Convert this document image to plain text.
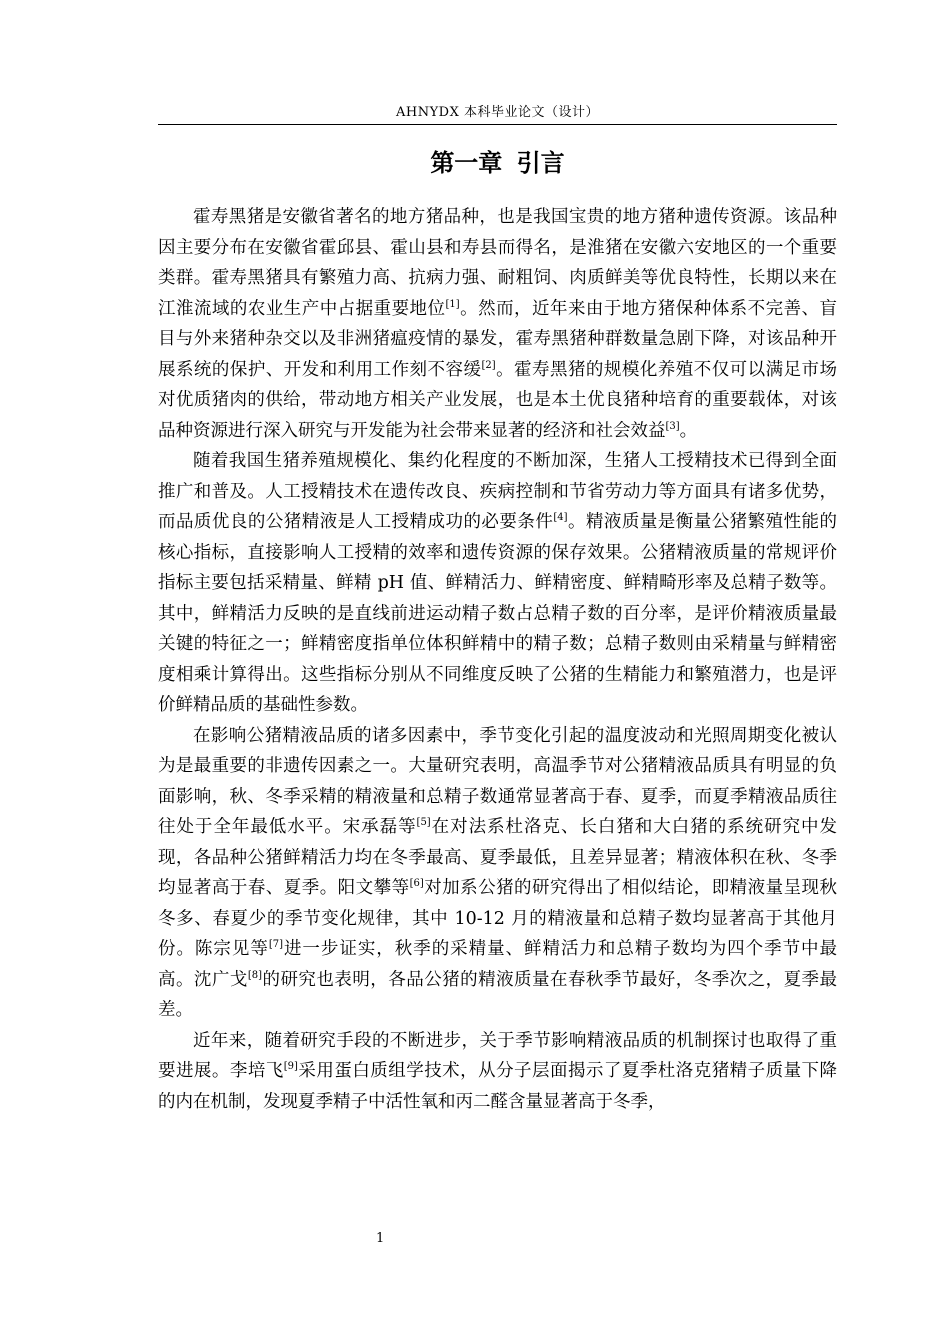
AHNYDX 本科毕业论文（设计）
第一章 引言

霍寿黑猪是安徽省著名的地方猪品种，也是我国宝贵的地方猪种遗传资源。该品种因主要分布在安徽省霍邱县、霍山县和寿县而得名，是淮猪在安徽六安地区的一个重要类群。霍寿黑猪具有繁殖力高、抗病力强、耐粗饲、肉质鲜美等优良特性，长期以来在江淮流域的农业生产中占据重要地位[1]。然而，近年来由于地方猪保种体系不完善、盲目与外来猪种杂交以及非洲猪瘟疫情的暴发，霍寿黑猪种群数量急剧下降，对该品种开展系统的保护、开发和利用工作刻不容缓[2]。霍寿黑猪的规模化养殖不仅可以满足市场对优质猪肉的供给，带动地方相关产业发展，也是本土优良猪种培育的重要载体，对该品种资源进行深入研究与开发能为社会带来显著的经济和社会效益[3]。

随着我国生猪养殖规模化、集约化程度的不断加深，生猪人工授精技术已得到全面推广和普及。人工授精技术在遗传改良、疾病控制和节省劳动力等方面具有诸多优势，而品质优良的公猪精液是人工授精成功的必要条件[4]。精液质量是衡量公猪繁殖性能的核心指标，直接影响人工授精的效率和遗传资源的保存效果。公猪精液质量的常规评价指标主要包括采精量、鲜精 pH 值、鲜精活力、鲜精密度、鲜精畸形率及总精子数等。其中，鲜精活力反映的是直线前进运动精子数占总精子数的百分率，是评价精液质量最关键的特征之一；鲜精密度指单位体积鲜精中的精子数；总精子数则由采精量与鲜精密度相乘计算得出。这些指标分别从不同维度反映了公猪的生精能力和繁殖潜力，也是评价鲜精品质的基础性参数。

在影响公猪精液品质的诸多因素中，季节变化引起的温度波动和光照周期变化被认为是最重要的非遗传因素之一。大量研究表明，高温季节对公猪精液品质具有明显的负面影响，秋、冬季采精的精液量和总精子数通常显著高于春、夏季，而夏季精液品质往往处于全年最低水平。宋承磊等[5]在对法系杜洛克、长白猪和大白猪的系统研究中发现，各品种公猪鲜精活力均在冬季最高、夏季最低，且差异显著；精液体积在秋、冬季均显著高于春、夏季。阳文攀等[6]对加系公猪的研究得出了相似结论，即精液量呈现秋冬多、春夏少的季节变化规律，其中 10-12 月的精液量和总精子数均显著高于其他月份。陈宗见等[7]进一步证实，秋季的采精量、鲜精活力和总精子数均为四个季节中最高。沈广戈[8]的研究也表明，各品公猪的精液质量在春秋季节最好，冬季次之，夏季最差。

近年来，随着研究手段的不断进步，关于季节影响精液品质的机制探讨也取得了重要进展。李培飞[9]采用蛋白质组学技术，从分子层面揭示了夏季杜洛克猪精子质量下降的内在机制，发现夏季精子中活性氧和丙二醛含量显著高于冬季，

1
